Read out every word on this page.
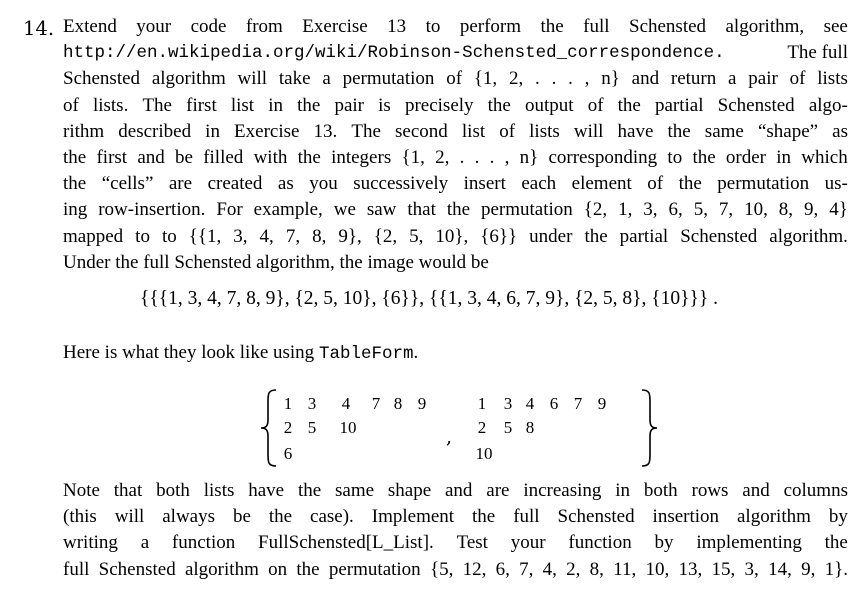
14. Extend your code from Exercise 13 to perform the full Schensted algorithm, see
http://en.wikipedia.org/wiki/Robinson-Schensted_correspondence.	The full
Schensted algorithm will take a permutation of {1, 2, . . . , n} and return a pair of lists
of lists. The first list in the pair is precisely the output of the partial Schensted algo-
rithm described in Exercise 13. The second list of lists will have the same “shape” as
the first and be filled with the integers {1, 2, . . . , n} corresponding to the order in which
the “cells” are created as you successively insert each element of the permutation us-
ing row-insertion. For example, we saw that the permutation {2, 1, 3, 6, 5, 7, 10, 8, 9, 4}
mapped to to {{1, 3, 4, 7, 8, 9}, {2, 5, 10}, {6}} under the partial Schensted algorithm.
Under the full Schensted algorithm, the image would be
{{{1, 3, 4, 7, 8, 9}, {2, 5, 10}, {6}}, {{1, 3, 4, 6, 7, 9}, {2, 5, 8}, {10}}} .
Here is what they look like using TableForm.
1 3	4	7 8 9
2 5	10
6
,
1	3 4 6 7 9
2	5 8
10
Note that both lists have the same shape and are increasing in both rows and columns
(this will always be the case). Implement the full Schensted insertion algorithm by
writing a function FullSchensted[L_List]. Test your function by implementing the
full Schensted algorithm on the permutation {5, 12, 6, 7, 4, 2, 8, 11, 10, 13, 15, 3, 14, 9, 1}.
